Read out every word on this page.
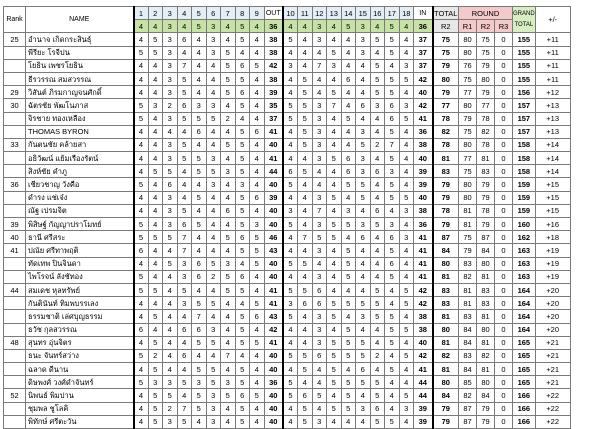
Rank	NAME	1	2	3	4	5	6	7	8	9	OUT	10	11	12	13	14	15	16	17	18	IN	TOTAL	ROUND			GRAND TOTAL	+/-
		4	4	3	4	5	3	4	5	4	36	4	4	3	4	5	3	4	5	4	36	R2	R1	R2	R3		
25	อำนาจ เกิดกระสินธุ์	4	5	3	6	4	3	4	5	4	38	5	4	3	4	4	3	5	5	4	37	75	80	75	0	155	+11
	พีรียะ โรจีปน	5	5	3	4	4	3	5	4	4	38	4	4	4	5	4	3	4	5	4	37	75	80	75	0	155	+11
	โยธิน เพชรโยธิน	4	4	3	7	4	4	5	6	5	42	3	4	7	3	4	4	5	4	3	37	79	76	79	0	155	+11
	ธีรวรรณ สมสวรรณ	4	4	3	5	4	4	5	5	4	38	4	5	4	4	6	4	5	5	5	42	80	75	80	0	155	+11
29	วิสันต์ ภิรมกาญจนศักดิ์	4	4	3	5	4	4	5	6	4	39	4	5	4	5	4	4	5	5	4	40	79	77	79	0	156	+12
30	ฉัตรชัย พัฒโนภาส	5	3	2	6	3	3	4	5	4	35	5	5	3	7	4	6	3	6	3	42	77	80	77	0	157	+13
	จิรชาย ทองเหลือง	5	4	3	5	5	5	2	4	4	37	5	5	3	4	5	4	4	6	5	41	78	79	78	0	157	+13
	THOMAS BYRON	4	4	4	4	6	4	4	5	6	41	4	5	3	4	4	3	4	5	4	36	82	75	82	0	157	+13
33	กันตนชัย คล้ายสา	4	4	3	5	4	4	5	5	4	40	4	5	3	4	4	5	2	7	4	38	78	80	78	0	158	+14
	อธิวัฒน์ แย้มเรืองรัตน์	4	4	3	5	5	3	4	5	4	41	4	4	3	5	6	3	4	5	4	40	81	77	81	0	158	+14
	สิงห์ชัย คำภู	4	5	5	4	5	5	3	5	4	44	6	5	4	4	6	3	6	3	4	39	83	75	83	0	158	+14
36	เชียวชาญ วังคือ	5	4	6	4	4	3	4	3	4	40	5	4	4	4	5	5	4	5	4	39	79	80	79	0	159	+15
	ดำรง แช่เจ๋ง	4	4	3	4	5	4	4	5	6	39	4	4	3	5	4	5	4	5	5	40	79	80	79	0	159	+15
	ณัฐ เปรมจิต	4	4	3	5	4	4	6	5	4	40	3	4	7	4	3	4	6	4	3	38	78	81	78	0	159	+15
39	พิสิษฐ์ กัญญาปราโมทย์	5	4	3	6	5	4	4	5	3	40	5	4	3	5	5	3	5	3	4	36	79	81	79	0	160	+16
40	ธานี ศรีสระ	5	5	5	7	4	4	5	6	5	46	4	7	5	5	4	6	4	6	3	41	87	75	87	0	162	+18
41	ปณัย ศรีทาพฤติ	6	4	4	7	4	4	4	5	5	43	4	4	3	4	5	4	4	5	4	41	84	79	84	0	163	+19
	ทัดเทพ ปินจินดา	4	4	5	3	6	5	3	4	5	40	5	5	4	4	5	4	4	6	4	41	80	83	80	0	163	+19
	ไพโรจน์ ลังชัทอง	5	4	4	3	6	2	5	6	4	40	4	4	3	4	5	4	4	5	4	41	81	82	81	0	163	+19
44	สมเดช หุลทรัพย์	5	5	4	5	4	4	5	5	4	41	5	5	6	4	4	4	5	4	5	42	83	81	83	0	164	+20
	กันตินันท์ ทิมพบรรเลง	4	4	4	3	5	5	4	4	5	41	3	6	6	5	5	5	5	4	5	42	83	81	83	0	164	+20
	ธรรมชาติ เล่ศบุญธรรม	4	5	4	4	7	4	4	5	6	43	5	4	3	5	4	3	5	5	4	38	81	83	81	0	164	+20
	ธวัช กุลสวรรณ	6	4	4	6	6	3	4	5	4	42	4	4	3	4	5	4	4	5	5	38	80	84	80	0	164	+20
48	สุนทร อุ่นจิตร	4	5	4	4	5	5	4	5	5	41	4	4	3	5	5	5	4	5	4	40	81	84	81	0	165	+21
	ธนะ จันทร์สว่าง	5	2	4	6	4	4	7	4	4	40	5	5	6	5	5	5	2	4	5	42	82	83	82	0	165	+21
	ฉลาด ดีนาน	4	5	4	4	5	5	4	5	4	40	4	5	4	5	4	6	4	5	4	41	81	84	81	0	165	+21
	ดิษพงศ์ วงศ์ดำจันทร์	5	3	3	5	3	5	3	5	4	36	5	4	4	5	5	5	5	4	4	44	80	85	80	0	165	+21
52	นิพนธ์ พิมปาน	4	5	5	4	5	3	5	6	5	40	5	6	5	4	5	4	5	4	5	44	84	82	84	0	166	+22
	ชุมพล ชูโลคิ	4	5	2	7	5	3	4	5	4	40	4	5	4	5	5	3	6	4	3	39	79	87	79	0	166	+22
	พิทักษ์ ศรีตะวัน	4	5	3	5	4	3	4	5	4	40	4	5	3	4	4	4	5	5	4	39	79	87	79	0	166	+22
